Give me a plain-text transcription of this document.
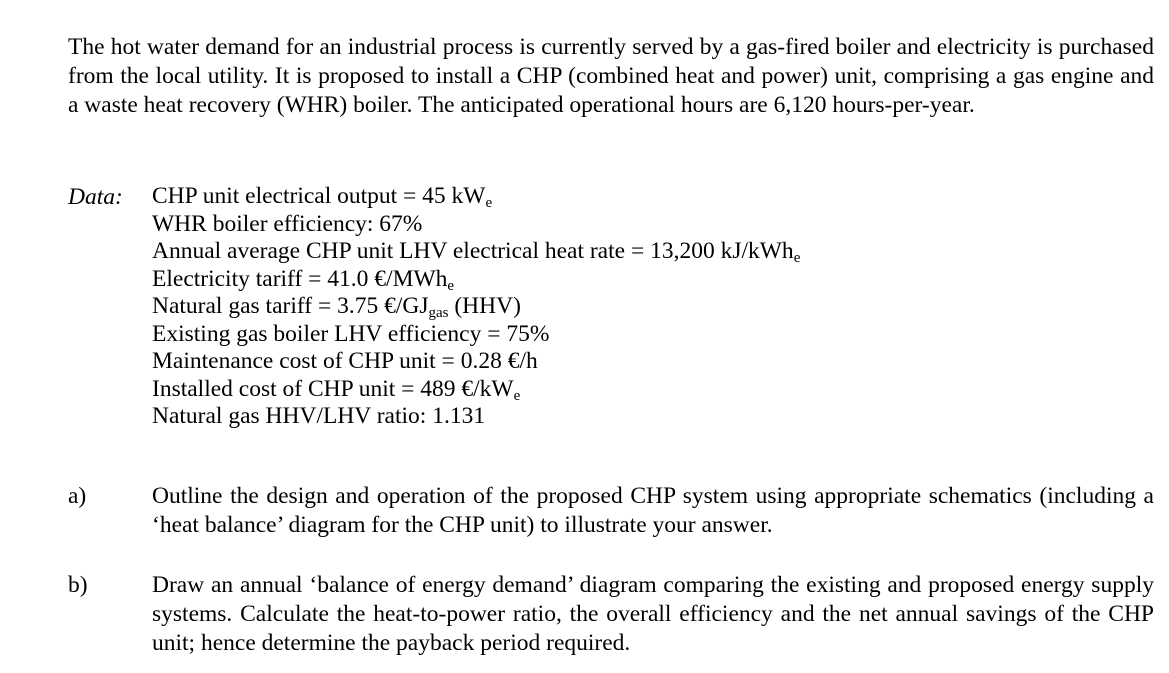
The hot water demand for an industrial process is currently served by a gas-fired boiler and electricity is purchased from the local utility. It is proposed to install a CHP (combined heat and power) unit, comprising a gas engine and a waste heat recovery (WHR) boiler. The anticipated operational hours are 6,120 hours-per-year.
Data: CHP unit electrical output = 45 $kW_e$
WHR boiler efficiency: 67%
Annual average CHP unit LHV electrical heat rate = 13,200 kJ/kWh$_e$
Electricity tariff = 41.0 €/MWh$_e$
Natural gas tariff = 3.75 $€/GJ_{gas}$ (HHV)
Existing gas boiler LHV efficiency = 75%
Maintenance cost of CHP unit = 0.28 €/h
Installed cost of CHP unit = 489 $€/kW_e$
Natural gas HHV/LHV ratio: 1.131
a)	Outline the design and operation of the proposed CHP system using appropriate schematics (including a ‘heat balance’ diagram for the CHP unit) to illustrate your answer.
b)	Draw an annual ‘balance of energy demand’ diagram comparing the existing and proposed energy supply systems. Calculate the heat-to-power ratio, the overall efficiency and the net annual savings of the CHP unit; hence determine the payback period required.
